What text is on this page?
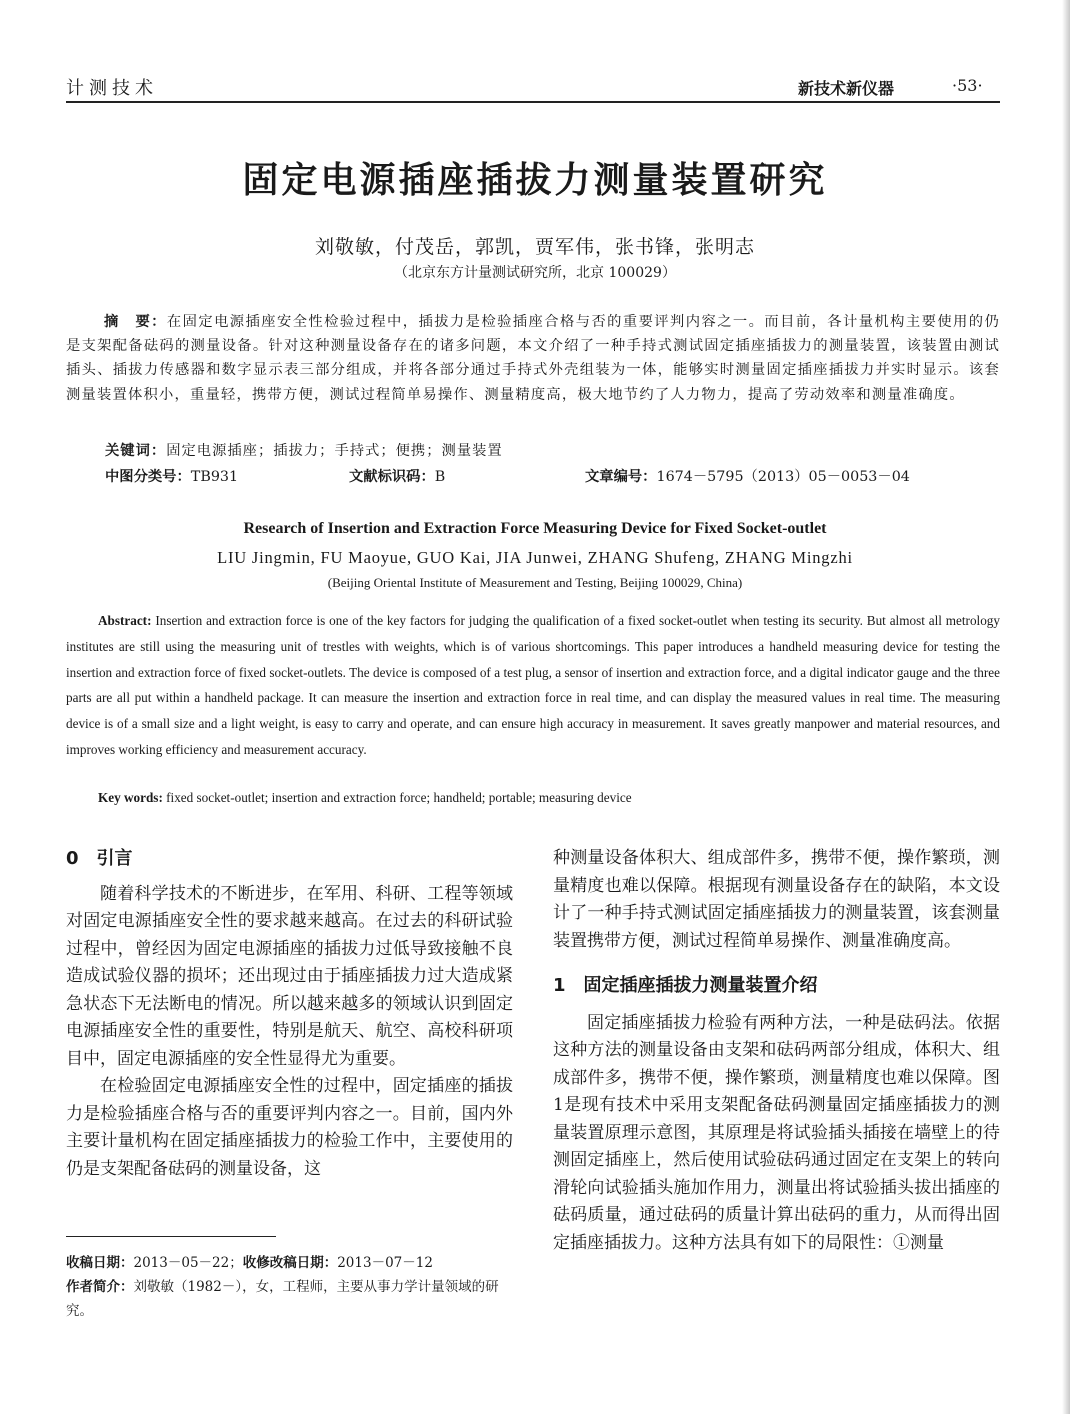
计测技术	新技术新仪器	·53·
固定电源插座插拔力测量装置研究
刘敬敏，付茂岳，郭凯，贾军伟，张书锋，张明志
（北京东方计量测试研究所，北京 100029）
摘　要：在固定电源插座安全性检验过程中，插拔力是检验插座合格与否的重要评判内容之一。而目前，各计量机构主要使用的仍是支架配备砝码的测量设备。针对这种测量设备存在的诸多问题，本文介绍了一种手持式测试固定插座插拔力的测量装置，该装置由测试插头、插拔力传感器和数字显示表三部分组成，并将各部分通过手持式外壳组装为一体，能够实时测量固定插座插拔力并实时显示。该套测量装置体积小，重量轻，携带方便，测试过程简单易操作、测量精度高，极大地节约了人力物力，提高了劳动效率和测量准确度。
关键词：固定电源插座；插拔力；手持式；便携；测量装置
中图分类号：TB931	文献标识码：B	文章编号：1674－5795（2013）05－0053－04
Research of Insertion and Extraction Force Measuring Device for Fixed Socket-outlet
LIU Jingmin, FU Maoyue, GUO Kai, JIA Junwei, ZHANG Shufeng, ZHANG Mingzhi
(Beijing Oriental Institute of Measurement and Testing, Beijing 100029, China)
Abstract: Insertion and extraction force is one of the key factors for judging the qualification of a fixed socket-outlet when testing its security. But almost all metrology institutes are still using the measuring unit of trestles with weights, which is of various shortcomings. This paper introduces a handheld measuring device for testing the insertion and extraction force of fixed socket-outlets. The device is composed of a test plug, a sensor of insertion and extraction force, and a digital indicator gauge and the three parts are all put within a handheld package. It can measure the insertion and extraction force in real time, and can display the measured values in real time. The measuring device is of a small size and a light weight, is easy to carry and operate, and can ensure high accuracy in measurement. It saves greatly manpower and material resources, and improves working efficiency and measurement accuracy.
Key words: fixed socket-outlet; insertion and extraction force; handheld; portable; measuring device

0　引言

随着科学技术的不断进步，在军用、科研、工程等领域对固定电源插座安全性的要求越来越高。在过去的科研试验过程中，曾经因为固定电源插座的插拔力过低导致接触不良造成试验仪器的损坏；还出现过由于插座插拔力过大造成紧急状态下无法断电的情况。所以越来越多的领域认识到固定电源插座安全性的重要性，特别是航天、航空、高校科研项目中，固定电源插座的安全性显得尤为重要。

在检验固定电源插座安全性的过程中，固定插座的插拔力是检验插座合格与否的重要评判内容之一。目前，国内外主要计量机构在固定插座插拔力的检验工作中，主要使用的仍是支架配备砝码的测量设备，这

种测量设备体积大、组成部件多，携带不便，操作繁琐，测量精度也难以保障。根据现有测量设备存在的缺陷，本文设计了一种手持式测试固定插座插拔力的测量装置，该套测量装置携带方便，测试过程简单易操作、测量准确度高。

1　固定插座插拔力测量装置介绍

固定插座插拔力检验有两种方法，一种是砝码法。依据这种方法的测量设备由支架和砝码两部分组成，体积大、组成部件多，携带不便，操作繁琐，测量精度也难以保障。图1是现有技术中采用支架配备砝码测量固定插座插拔力的测量装置原理示意图，其原理是将试验插头插接在墙壁上的待测固定插座上，然后使用试验砝码通过固定在支架上的转向滑轮向试验插头施加作用力，测量出将试验插头拔出插座的砝码质量，通过砝码的质量计算出砝码的重力，从而得出固定插座插拔力。这种方法具有如下的局限性：①测量

收稿日期：2013－05－22；收修改稿日期：2013－07－12
作者简介：刘敬敏（1982－），女，工程师，主要从事力学计量领域的研究。
